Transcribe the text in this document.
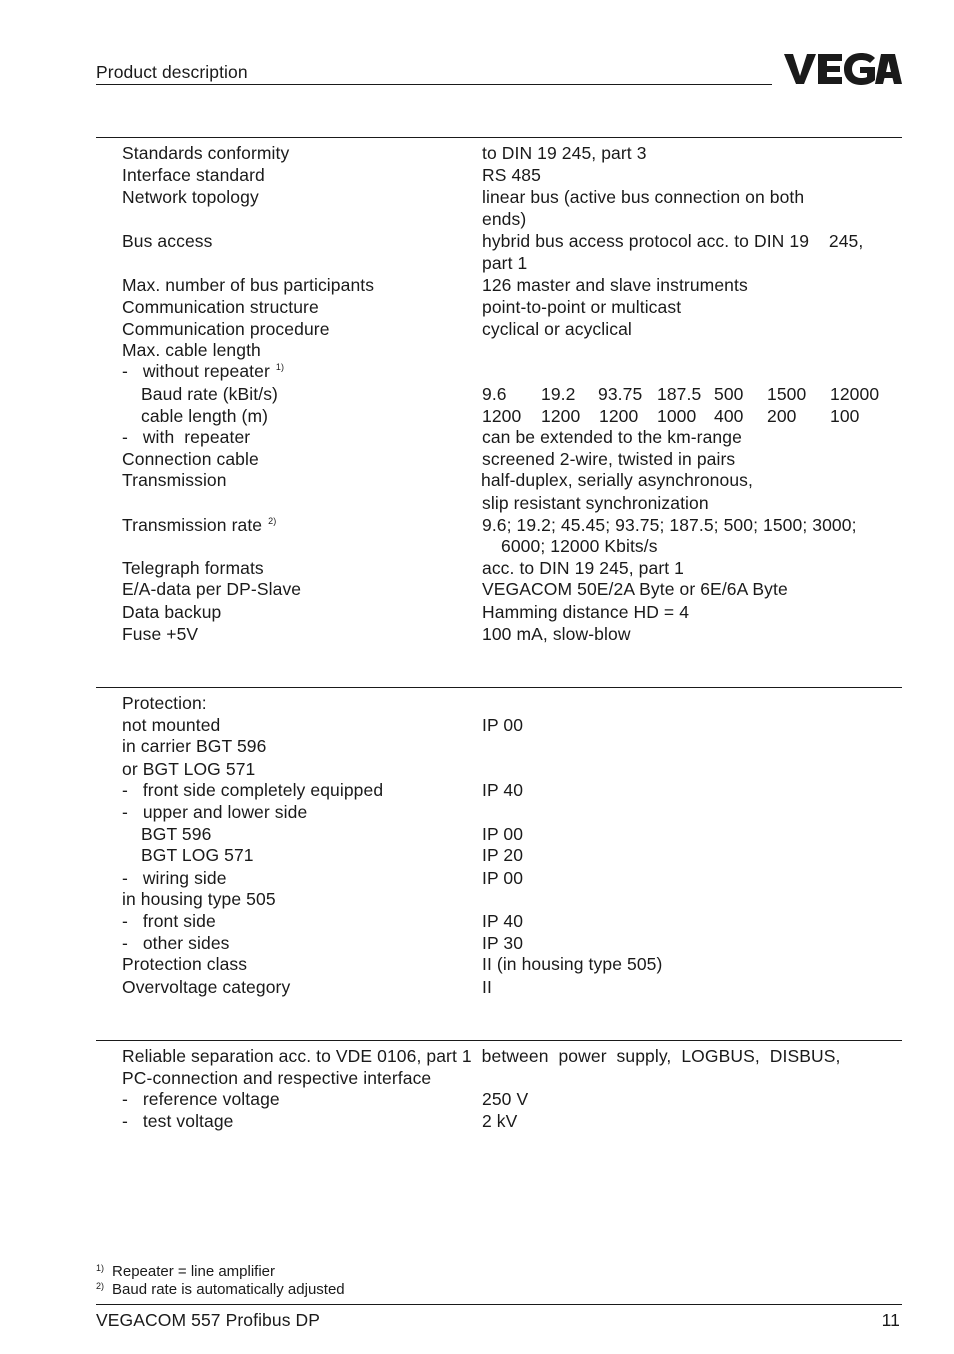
Product description
Standards conformity	to DIN 19 245, part 3
Interface standard	RS 485
Network topology	linear bus (active bus connection on both
ends)
Bus access	hybrid bus access protocol acc. to DIN 19    245,
part 1
Max. number of bus participants	126 master and slave instruments
Communication structure	point-to-point or multicast
Communication procedure	cyclical or acyclical
Max. cable length
-   without repeater $^{1)}$
Baud rate (kBit/s)	9.6 19.2 93.75 187.5 500 1500 12000
cable length (m)	1200 1200 1200 1000 400 200 100
-   with  repeater	can be extended to the km-range
Connection cable	screened 2-wire, twisted in pairs
Transmission	half-duplex, serially asynchronous,
slip resistant synchronization
Transmission rate $^{2)}$	9.6; 19.2; 45.45; 93.75; 187.5; 500; 1500; 3000;
6000; 12000 Kbits/s
Telegraph formats	acc. to DIN 19 245, part 1
E/A-data per DP-Slave	VEGACOM 50E/2A Byte or 6E/6A Byte
Data backup	Hamming distance HD = 4
Fuse +5V	100 mA, slow-blow
Protection:
not mounted	IP 00
in carrier BGT 596
or BGT LOG 571
-   front side completely equipped	IP 40
-   upper and lower side
BGT 596	IP 00
BGT LOG 571	IP 20
-   wiring side	IP 00
in housing type 505
-   front side	IP 40
-   other sides	IP 30
Protection class	II (in housing type 505)
Overvoltage category	II
Reliable separation acc. to VDE 0106, part 1  between  power  supply,  LOGBUS,  DISBUS,
PC-connection and respective interface
-   reference voltage	250 V
-   test voltage	2 kV
$^{1)}$ Repeater = line amplifier
$^{2)}$ Baud rate is automatically adjusted
VEGACOM 557 Profibus DP	11
